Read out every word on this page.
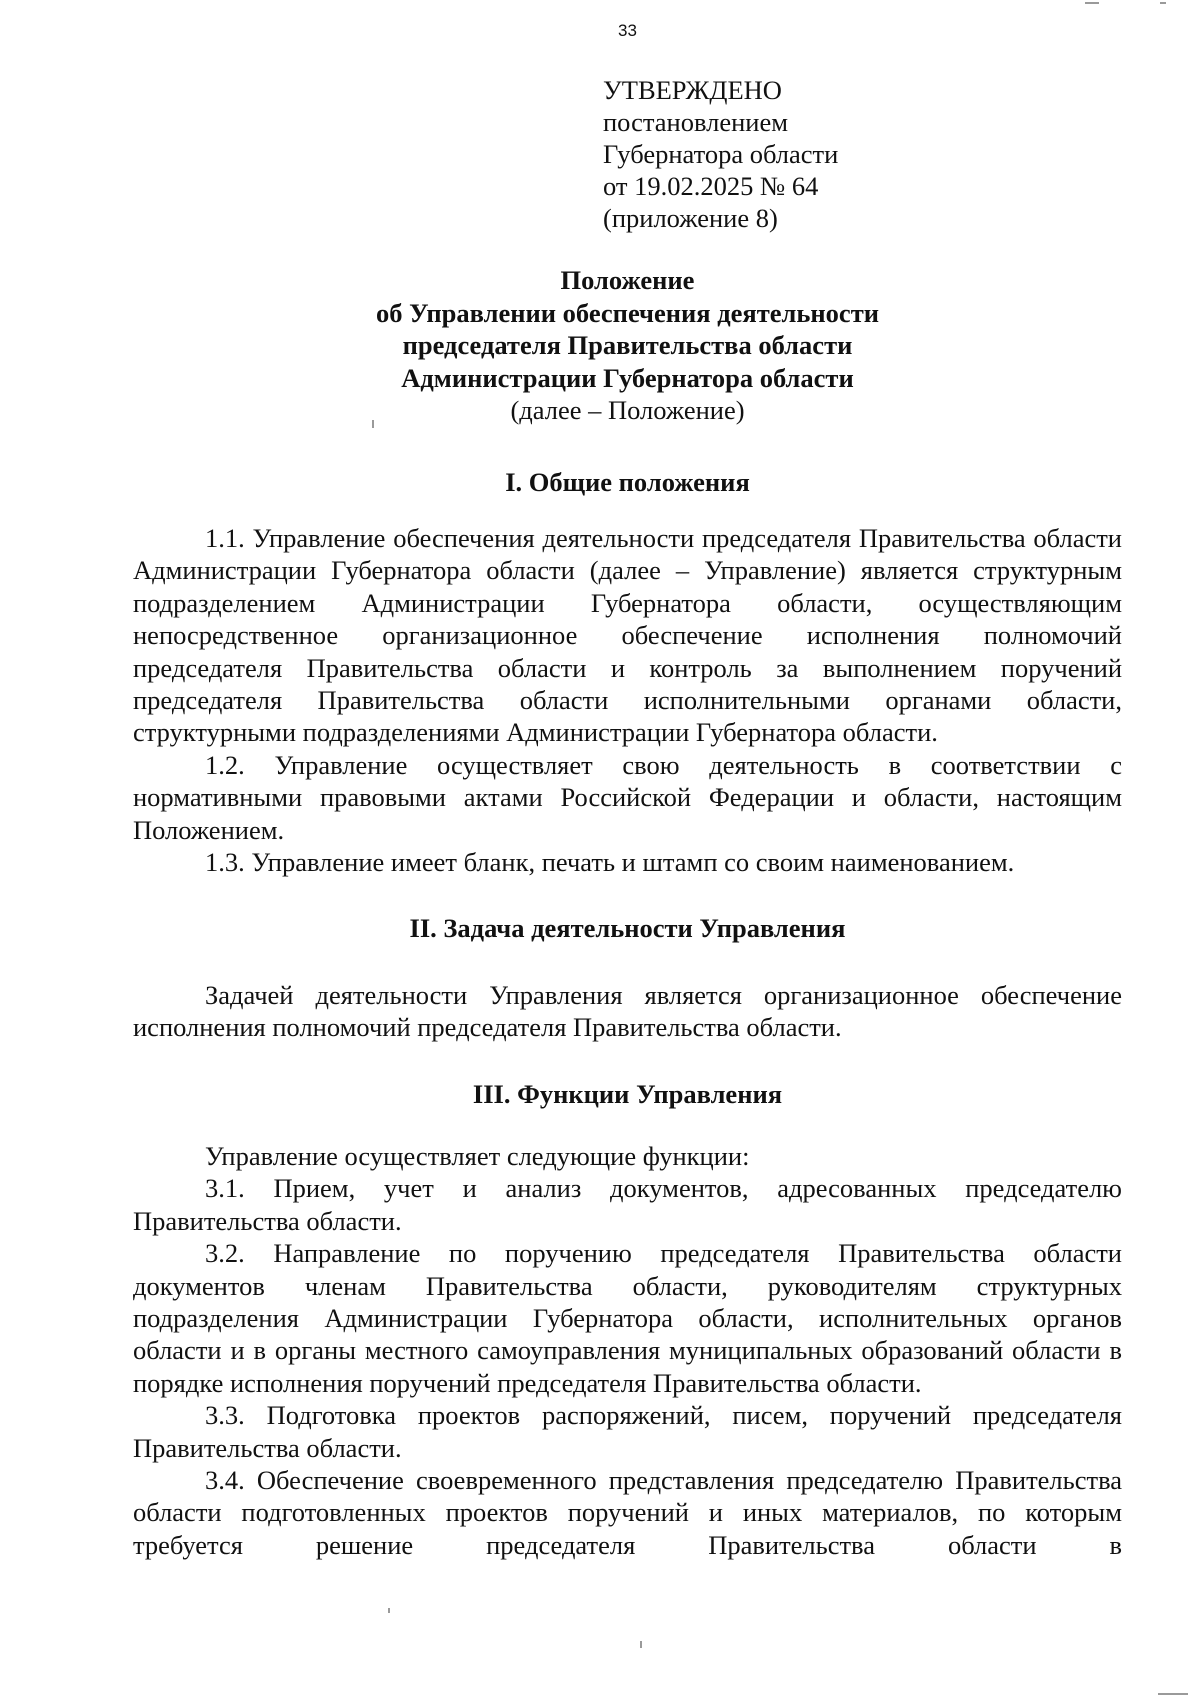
33
УТВЕРЖДЕНО
постановлением
Губернатора области
от 19.02.2025 № 64
(приложение 8)
Положение
об Управлении обеспечения деятельности
председателя Правительства области
Администрации Губернатора области
(далее – Положение)
I. Общие положения

1.1. Управление обеспечения деятельности председателя Правительства области Администрации Губернатора области (далее – Управление) является структурным подразделением Администрации Губернатора области, осуществляющим непосредственное организационное обеспечение исполнения полномочий председателя Правительства области и контроль за выполнением поручений председателя Правительства области исполнительными органами области, структурными подразделениями Администрации Губернатора области.

1.2. Управление осуществляет свою деятельность в соответствии с нормативными правовыми актами Российской Федерации и области, настоящим Положением.

1.3. Управление имеет бланк, печать и штамп со своим наименованием.

II. Задача деятельности Управления

Задачей деятельности Управления является организационное обеспечение исполнения полномочий председателя Правительства области.

III. Функции Управления

Управление осуществляет следующие функции:

3.1. Прием, учет и анализ документов, адресованных председателю Правительства области.

3.2. Направление по поручению председателя Правительства области документов членам Правительства области, руководителям структурных подразделения Администрации Губернатора области, исполнительных органов области и в органы местного самоуправления муниципальных образований области в порядке исполнения поручений председателя Правительства области.

3.3. Подготовка проектов распоряжений, писем, поручений председателя Правительства области.

3.4. Обеспечение своевременного представления председателю Правительства области подготовленных проектов поручений и иных материалов, по которым требуется решение председателя Правительства области в
